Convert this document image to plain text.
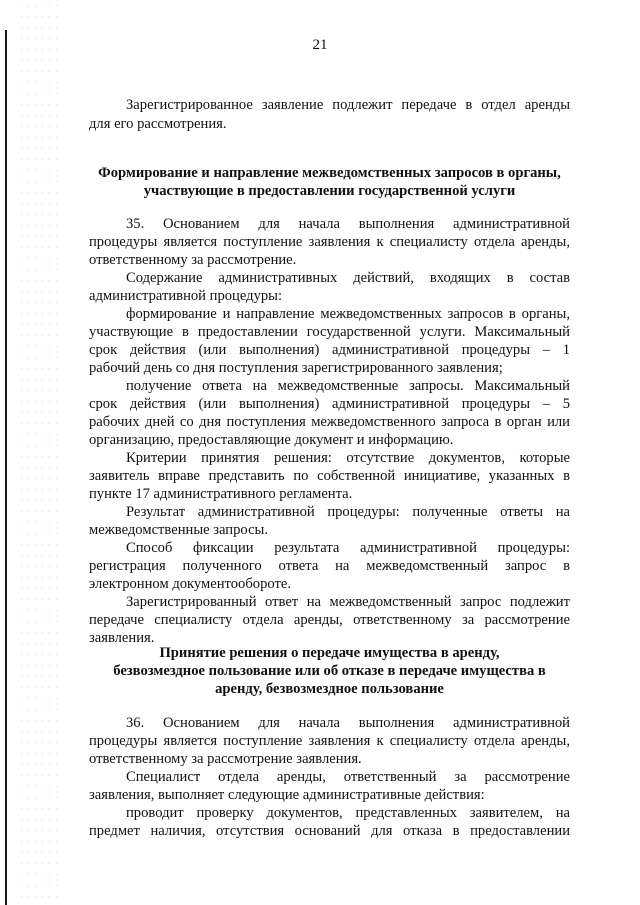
21
Зарегистрированное заявление подлежит передаче в отдел аренды
для его рассмотрения.
Формирование и направление межведомственных запросов в органы,
участвующие в предоставлении государственной услуги
35. Основанием для начала выполнения административной
процедуры является поступление заявления к специалисту отдела аренды,
ответственному за рассмотрение.
Содержание административных действий, входящих в состав
административной процедуры:
формирование и направление межведомственных запросов в органы,
участвующие в предоставлении государственной услуги. Максимальный
срок действия (или выполнения) административной процедуры – 1
рабочий день со дня поступления зарегистрированного заявления;
получение ответа на межведомственные запросы. Максимальный
срок действия (или выполнения) административной процедуры – 5
рабочих дней со дня поступления межведомственного запроса в орган или
организацию, предоставляющие документ и информацию.
Критерии принятия решения: отсутствие документов, которые
заявитель вправе представить по собственной инициативе, указанных в
пункте 17 административного регламента.
Результат административной процедуры: полученные ответы на
межведомственные запросы.
Способ фиксации результата административной процедуры:
регистрация полученного ответа на межведомственный запрос в
электронном документообороте.
Зарегистрированный ответ на межведомственный запрос подлежит
передаче специалисту отдела аренды, ответственному за рассмотрение
заявления.
Принятие решения о передаче имущества в аренду,
безвозмездное пользование или об отказе в передаче имущества в
аренду, безвозмездное пользование
36. Основанием для начала выполнения административной
процедуры является поступление заявления к специалисту отдела аренды,
ответственному за рассмотрение заявления.
Специалист отдела аренды, ответственный за рассмотрение
заявления, выполняет следующие административные действия:
проводит проверку документов, представленных заявителем, на
предмет наличия, отсутствия оснований для отказа в предоставлении
